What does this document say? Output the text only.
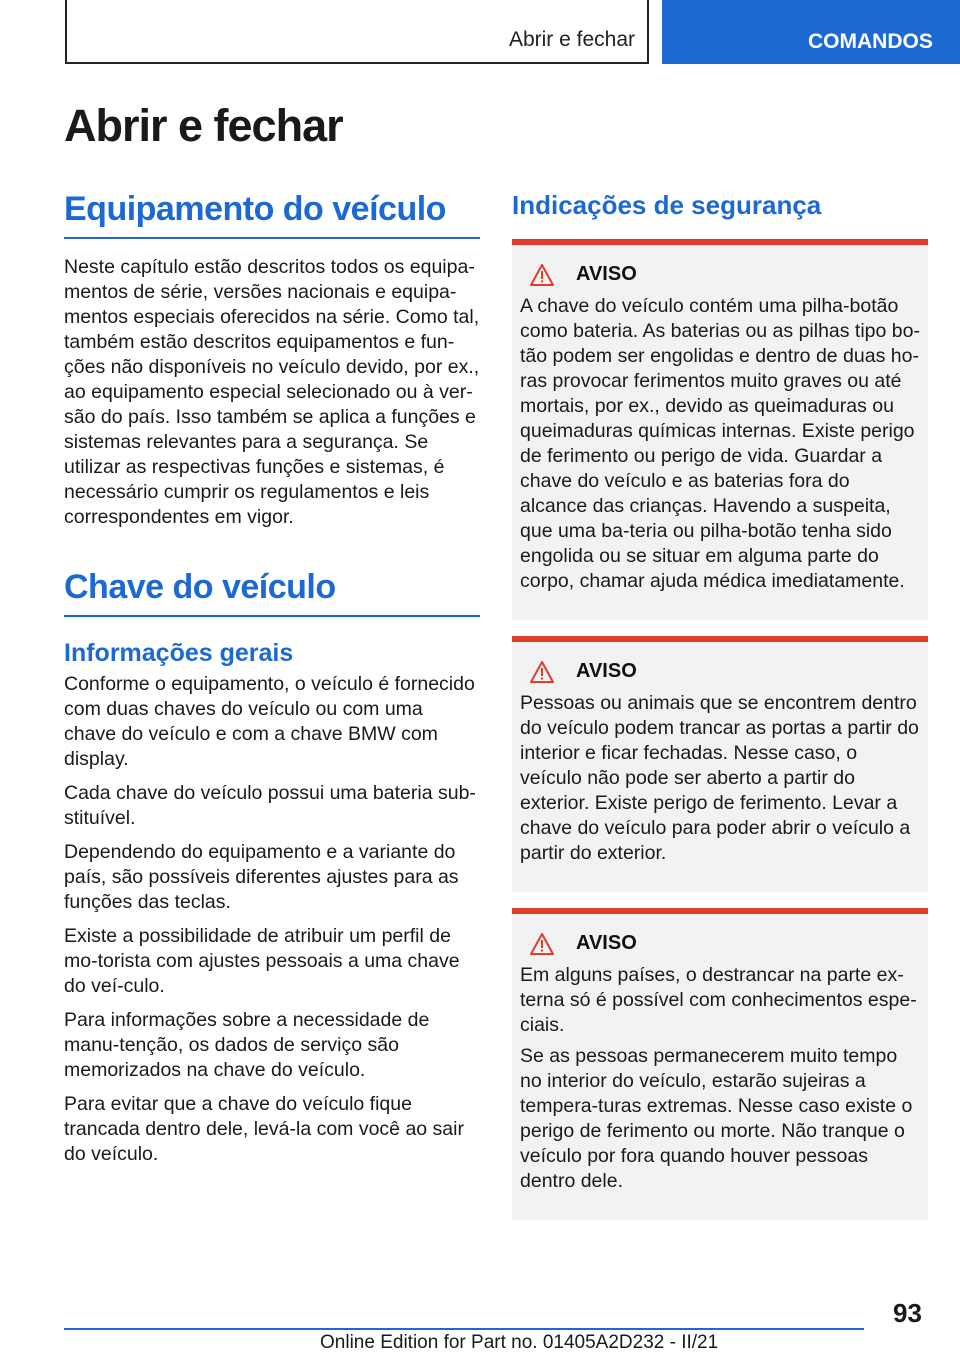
Abrir e fechar	COMANDOS
Abrir e fechar
Equipamento do veículo

Neste capítulo estão descritos todos os equipa-mentos de série, versões nacionais e equipa-mentos especiais oferecidos na série. Como tal, também estão descritos equipamentos e fun-ções não disponíveis no veículo devido, por ex., ao equipamento especial selecionado ou à ver-são do país. Isso também se aplica a funções e sistemas relevantes para a segurança. Se utilizar as respectivas funções e sistemas, é necessário cumprir os regulamentos e leis correspondentes em vigor.

Chave do veículo
Informações gerais

Conforme o equipamento, o veículo é fornecido com duas chaves do veículo ou com uma chave do veículo e com a chave BMW com display.

Cada chave do veículo possui uma bateria sub-stituível.

Dependendo do equipamento e a variante do país, são possíveis diferentes ajustes para as funções das teclas.

Existe a possibilidade de atribuir um perfil de mo-torista com ajustes pessoais a uma chave do veí-culo.

Para informações sobre a necessidade de manu-tenção, os dados de serviço são memorizados na chave do veículo.

Para evitar que a chave do veículo fique trancada dentro dele, levá-la com você ao sair do veículo.

Indicações de segurança
AVISO

A chave do veículo contém uma pilha-botão como bateria. As baterias ou as pilhas tipo bo-tão podem ser engolidas e dentro de duas ho-ras provocar ferimentos muito graves ou até mortais, por ex., devido as queimaduras ou queimaduras químicas internas. Existe perigo de ferimento ou perigo de vida. Guardar a chave do veículo e as baterias fora do alcance das crianças. Havendo a suspeita, que uma ba-teria ou pilha-botão tenha sido engolida ou se situar em alguma parte do corpo, chamar ajuda médica imediatamente.

AVISO

Pessoas ou animais que se encontrem dentro do veículo podem trancar as portas a partir do interior e ficar fechadas. Nesse caso, o veículo não pode ser aberto a partir do exterior. Existe perigo de ferimento. Levar a chave do veículo para poder abrir o veículo a partir do exterior.

AVISO

Em alguns países, o destrancar na parte ex-terna só é possível com conhecimentos espe-ciais.

Se as pessoas permanecerem muito tempo no interior do veículo, estarão sujeiras a tempera-turas extremas. Nesse caso existe o perigo de ferimento ou morte. Não tranque o veículo por fora quando houver pessoas dentro dele.

93
Online Edition for Part no. 01405A2D232 - II/21
